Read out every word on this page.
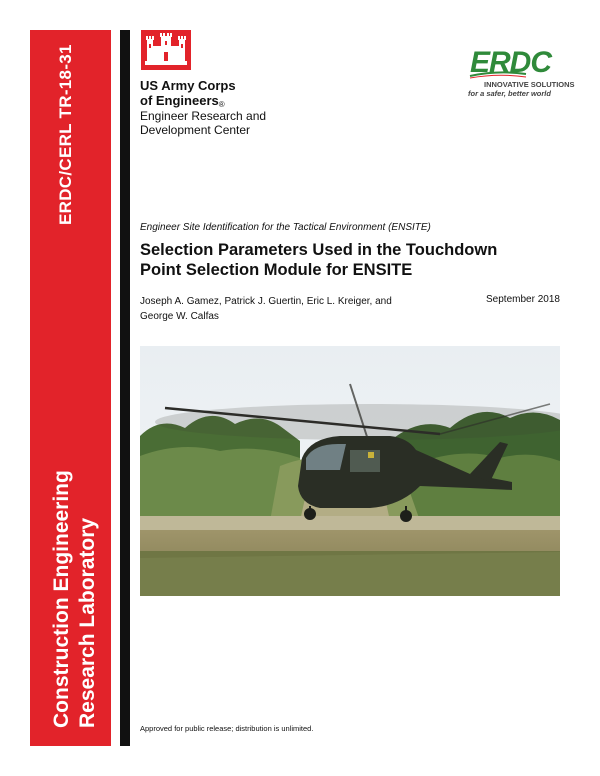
ERDC/CERL TR-18-31
Construction Engineering Research Laboratory
US Army Corps
of Engineers®
Engineer Research and
Development Center
ERDC
INNOVATIVE SOLUTIONS
for a safer, better world
Engineer Site Identification for the Tactical Environment (ENSITE)
Selection Parameters Used in the Touchdown
Point Selection Module for ENSITE
Joseph A. Gamez, Patrick J. Guertin, Eric L. Kreiger, and
George W. Calfas
September 2018
Approved for public release; distribution is unlimited.
